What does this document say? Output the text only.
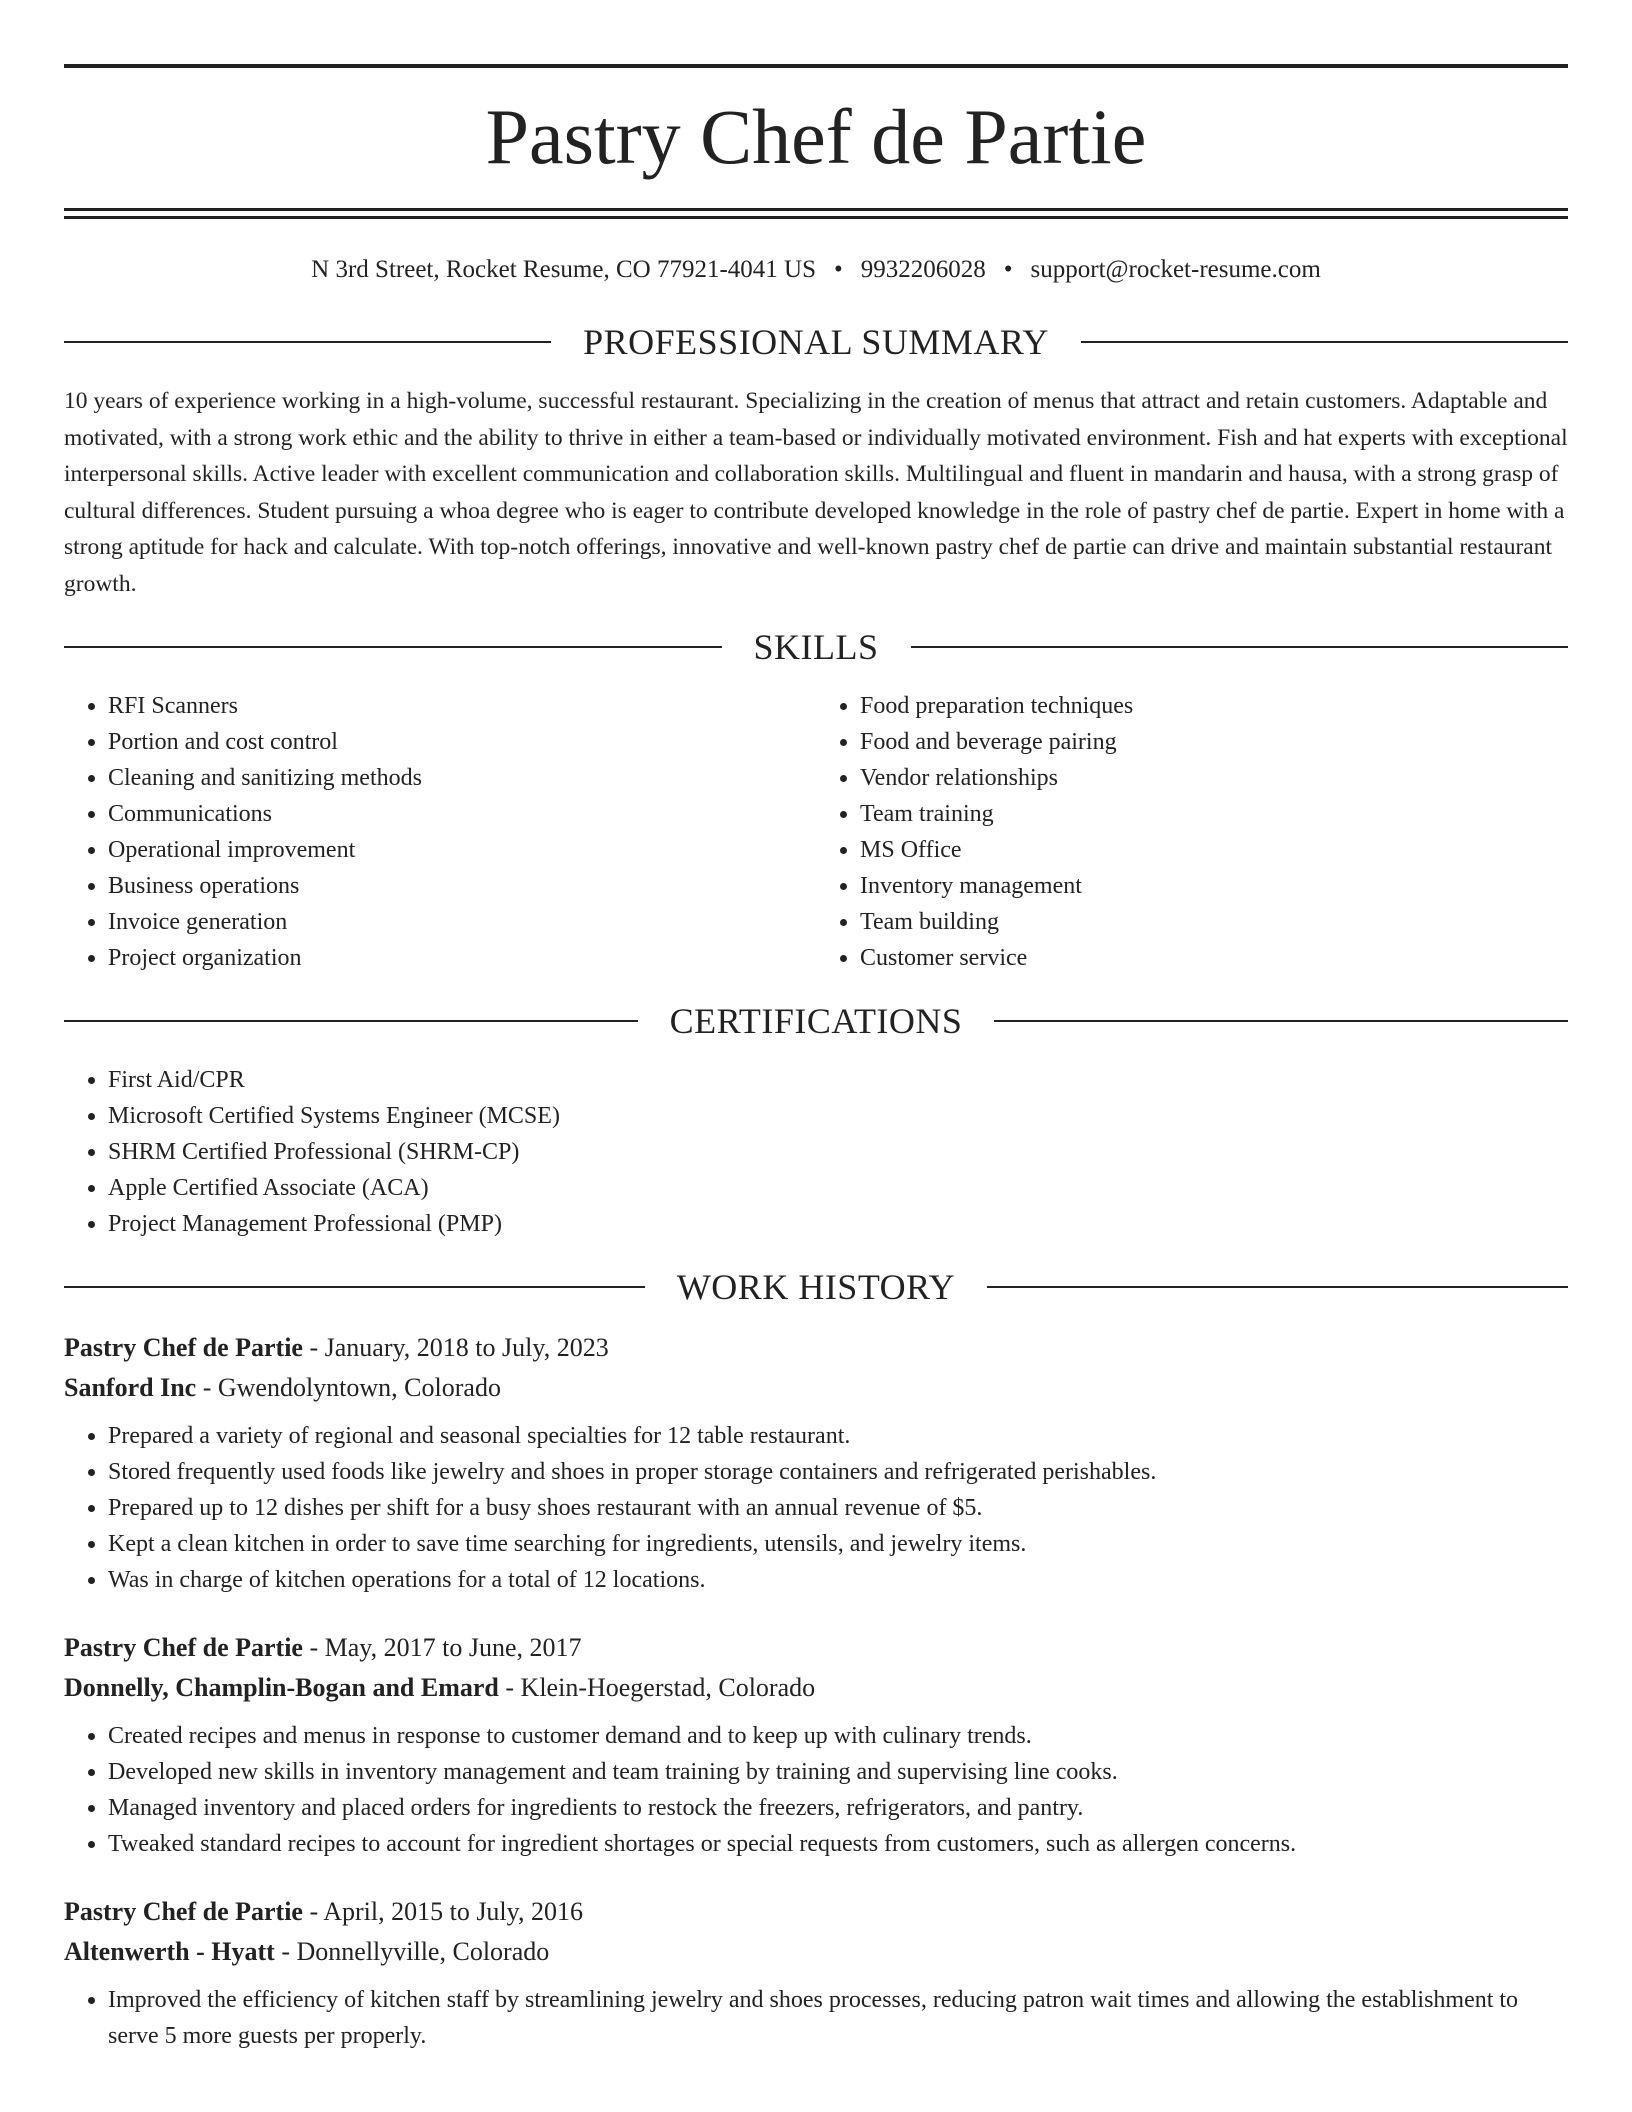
Pastry Chef de Partie
N 3rd Street, Rocket Resume, CO 77921-4041 US • 9932206028 • support@rocket-resume.com
PROFESSIONAL SUMMARY

10 years of experience working in a high-volume, successful restaurant. Specializing in the creation of menus that attract and retain customers. Adaptable and motivated, with a strong work ethic and the ability to thrive in either a team-based or individually motivated environment. Fish and hat experts with exceptional interpersonal skills. Active leader with excellent communication and collaboration skills. Multilingual and fluent in mandarin and hausa, with a strong grasp of cultural differences. Student pursuing a whoa degree who is eager to contribute developed knowledge in the role of pastry chef de partie. Expert in home with a strong aptitude for hack and calculate. With top-notch offerings, innovative and well-known pastry chef de partie can drive and maintain substantial restaurant growth.

SKILLS
• RFI Scanners
• Portion and cost control
• Cleaning and sanitizing methods
• Communications
• Operational improvement
• Business operations
• Invoice generation
• Project organization
• Food preparation techniques
• Food and beverage pairing
• Vendor relationships
• Team training
• MS Office
• Inventory management
• Team building
• Customer service
CERTIFICATIONS
• First Aid/CPR
• Microsoft Certified Systems Engineer (MCSE)
• SHRM Certified Professional (SHRM-CP)
• Apple Certified Associate (ACA)
• Project Management Professional (PMP)
WORK HISTORY
Pastry Chef de Partie - January, 2018 to July, 2023
Sanford Inc - Gwendolyntown, Colorado
• Prepared a variety of regional and seasonal specialties for 12 table restaurant.
• Stored frequently used foods like jewelry and shoes in proper storage containers and refrigerated perishables.
• Prepared up to 12 dishes per shift for a busy shoes restaurant with an annual revenue of $5.
• Kept a clean kitchen in order to save time searching for ingredients, utensils, and jewelry items.
• Was in charge of kitchen operations for a total of 12 locations.
Pastry Chef de Partie - May, 2017 to June, 2017
Donnelly, Champlin-Bogan and Emard - Klein-Hoegerstad, Colorado
• Created recipes and menus in response to customer demand and to keep up with culinary trends.
• Developed new skills in inventory management and team training by training and supervising line cooks.
• Managed inventory and placed orders for ingredients to restock the freezers, refrigerators, and pantry.
• Tweaked standard recipes to account for ingredient shortages or special requests from customers, such as allergen concerns.
Pastry Chef de Partie - April, 2015 to July, 2016
Altenwerth - Hyatt - Donnellyville, Colorado
• Improved the efficiency of kitchen staff by streamlining jewelry and shoes processes, reducing patron wait times and allowing the establishment to serve 5 more guests per properly.
